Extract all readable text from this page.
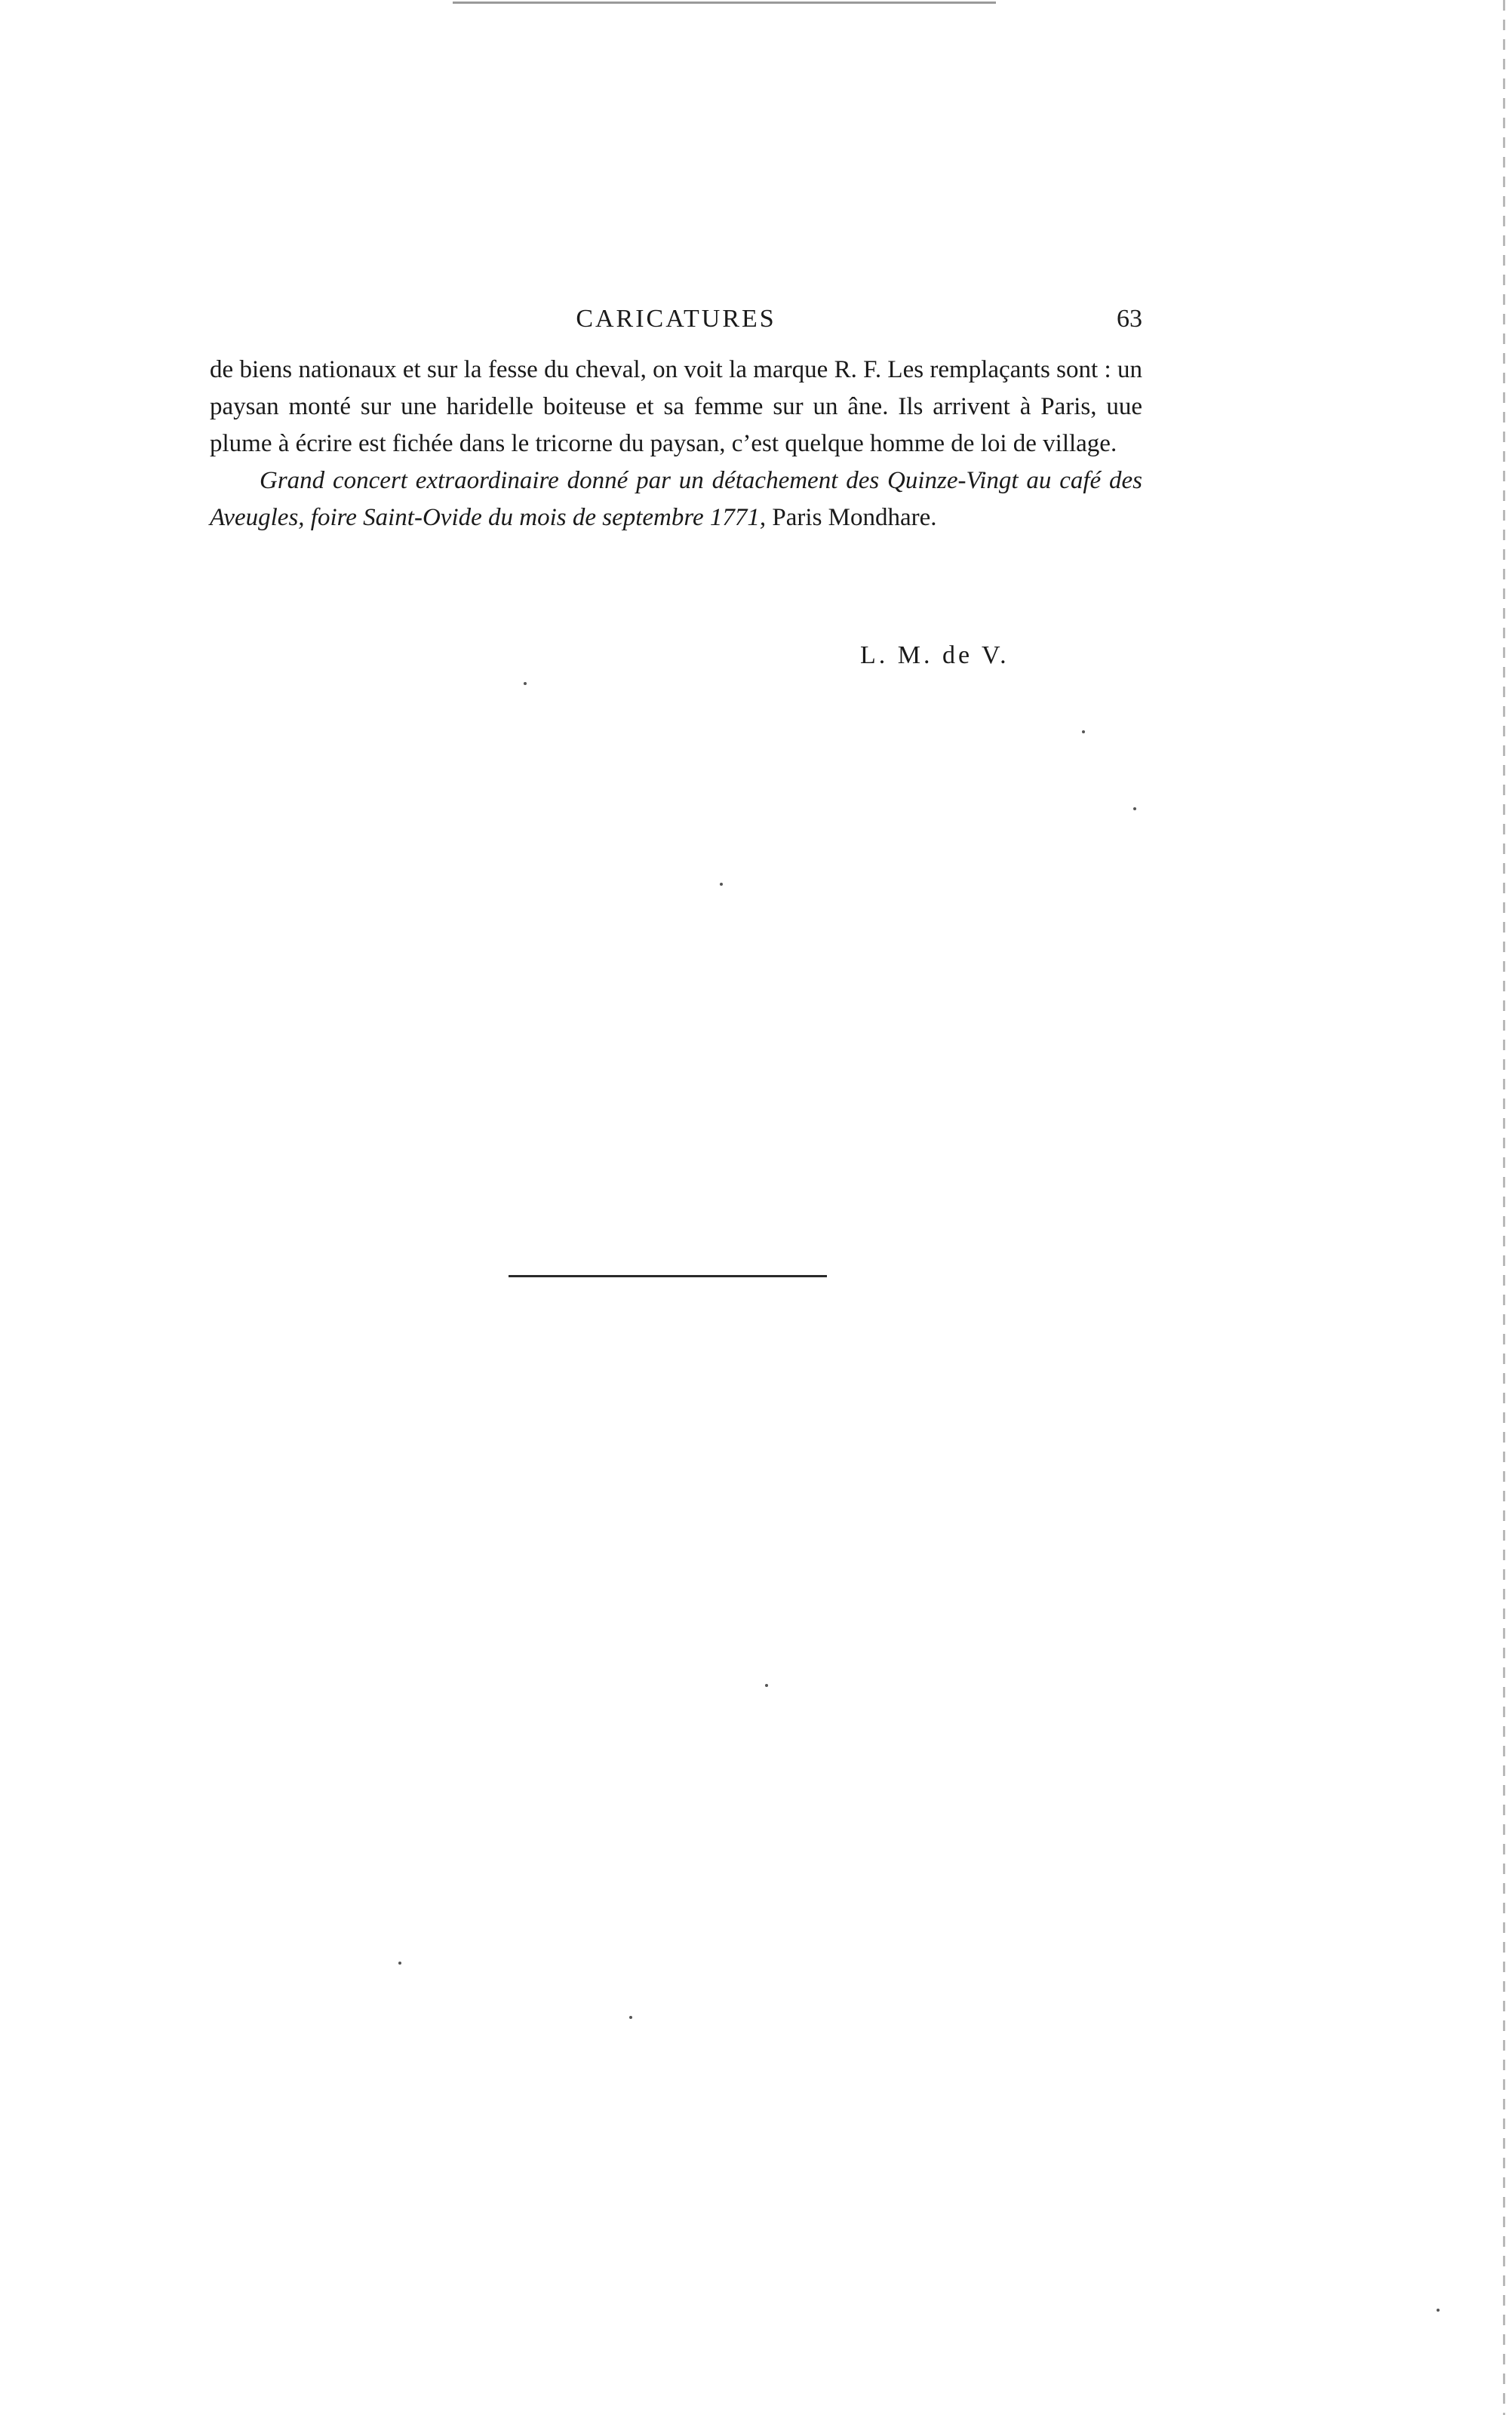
CARICATURES	63

de biens nationaux et sur la fesse du cheval, on voit la marque R. F. Les remplaçants sont : un paysan monté sur une haridelle boiteuse et sa femme sur un âne. Ils arrivent à Paris, uue plume à écrire est fichée dans le tricorne du paysan, c’est quelque homme de loi de village.

Grand concert extraordinaire donné par un détachement des Quinze-Vingt au café des Aveugles, foire Saint-Ovide du mois de septembre 1771, Paris Mondhare.

L. M. de V.
